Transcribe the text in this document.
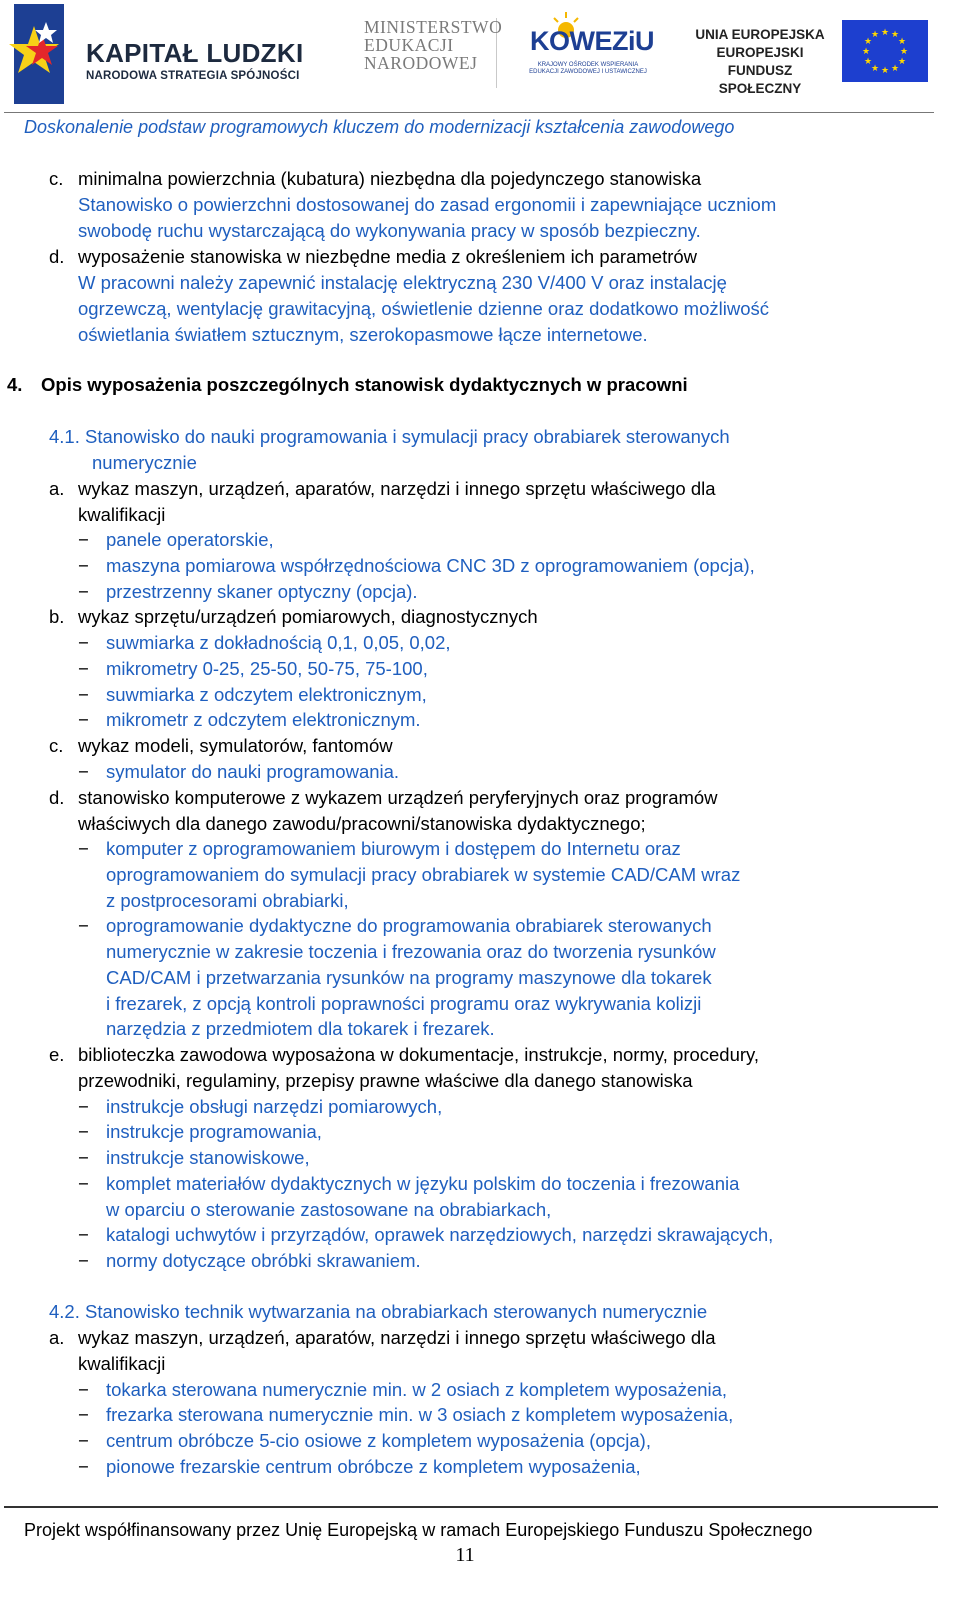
KAPITAŁ LUDZKI
NARODOWA STRATEGIA SPÓJNOŚCI
MINISTERSTWO
EDUKACJI
NARODOWEJ
KOWEZiU
KRAJOWY OŚRODEK WSPIERANIA EDUKACJI ZAWODOWEJ I USTAWICZNEJ
UNIA EUROPEJSKA
EUROPEJSKI
FUNDUSZ SPOŁECZNY
★ ★
★
★
★
★
★
★
★
★
★
★
Doskonalenie podstaw programowych kluczem do modernizacji kształcenia zawodowego
c. minimalna powierzchnia (kubatura) niezbędna dla pojedynczego stanowiska
Stanowisko o powierzchni dostosowanej do zasad ergonomii i zapewniające uczniom
swobodę ruchu wystarczającą do wykonywania pracy w sposób bezpieczny.
d. wyposażenie stanowiska w niezbędne media z określeniem ich parametrów
W pracowni należy zapewnić instalację elektryczną 230 V/400 V oraz instalację
ogrzewczą, wentylację grawitacyjną, oświetlenie dzienne oraz dodatkowo możliwość
oświetlania światłem sztucznym, szerokopasmowe łącze internetowe.
4. Opis wyposażenia poszczególnych stanowisk dydaktycznych w pracowni
4.1. Stanowisko do nauki programowania i symulacji pracy obrabiarek sterowanych
numerycznie
a. wykaz maszyn, urządzeń, aparatów, narzędzi i innego sprzętu właściwego dla
kwalifikacji
− panele operatorskie,
− maszyna pomiarowa współrzędnościowa CNC 3D z oprogramowaniem (opcja),
− przestrzenny skaner optyczny (opcja).
b. wykaz sprzętu/urządzeń pomiarowych, diagnostycznych
− suwmiarka z dokładnością 0,1, 0,05, 0,02,
− mikrometry 0-25, 25-50, 50-75, 75-100,
− suwmiarka z odczytem elektronicznym,
− mikrometr z odczytem elektronicznym.
c. wykaz modeli, symulatorów, fantomów
− symulator do nauki programowania.
d. stanowisko komputerowe z wykazem urządzeń peryferyjnych oraz programów
właściwych dla danego zawodu/pracowni/stanowiska dydaktycznego;
− komputer z oprogramowaniem biurowym i dostępem do Internetu oraz
oprogramowaniem do symulacji pracy obrabiarek w systemie CAD/CAM wraz
z postprocesorami obrabiarki,
− oprogramowanie dydaktyczne do programowania obrabiarek sterowanych
numerycznie w zakresie toczenia i frezowania oraz do tworzenia rysunków
CAD/CAM i przetwarzania rysunków na programy maszynowe dla tokarek
i frezarek, z opcją kontroli poprawności programu oraz wykrywania kolizji
narzędzia z przedmiotem dla tokarek i frezarek.
e. biblioteczka zawodowa wyposażona w dokumentacje, instrukcje, normy, procedury,
przewodniki, regulaminy, przepisy prawne właściwe dla danego stanowiska
− instrukcje obsługi narzędzi pomiarowych,
− instrukcje programowania,
− instrukcje stanowiskowe,
− komplet materiałów dydaktycznych w języku polskim do toczenia i frezowania
w oparciu o sterowanie zastosowane na obrabiarkach,
− katalogi uchwytów i przyrządów, oprawek narzędziowych, narzędzi skrawających,
− normy dotyczące obróbki skrawaniem.
4.2. Stanowisko technik wytwarzania na obrabiarkach sterowanych numerycznie
a. wykaz maszyn, urządzeń, aparatów, narzędzi i innego sprzętu właściwego dla
kwalifikacji
− tokarka sterowana numerycznie min. w 2 osiach z kompletem wyposażenia,
− frezarka sterowana numerycznie min. w 3 osiach z kompletem wyposażenia,
− centrum obróbcze 5-cio osiowe z kompletem wyposażenia (opcja),
− pionowe frezarskie centrum obróbcze z kompletem wyposażenia,
Projekt współfinansowany przez Unię Europejską w ramach Europejskiego Funduszu Społecznego
11
